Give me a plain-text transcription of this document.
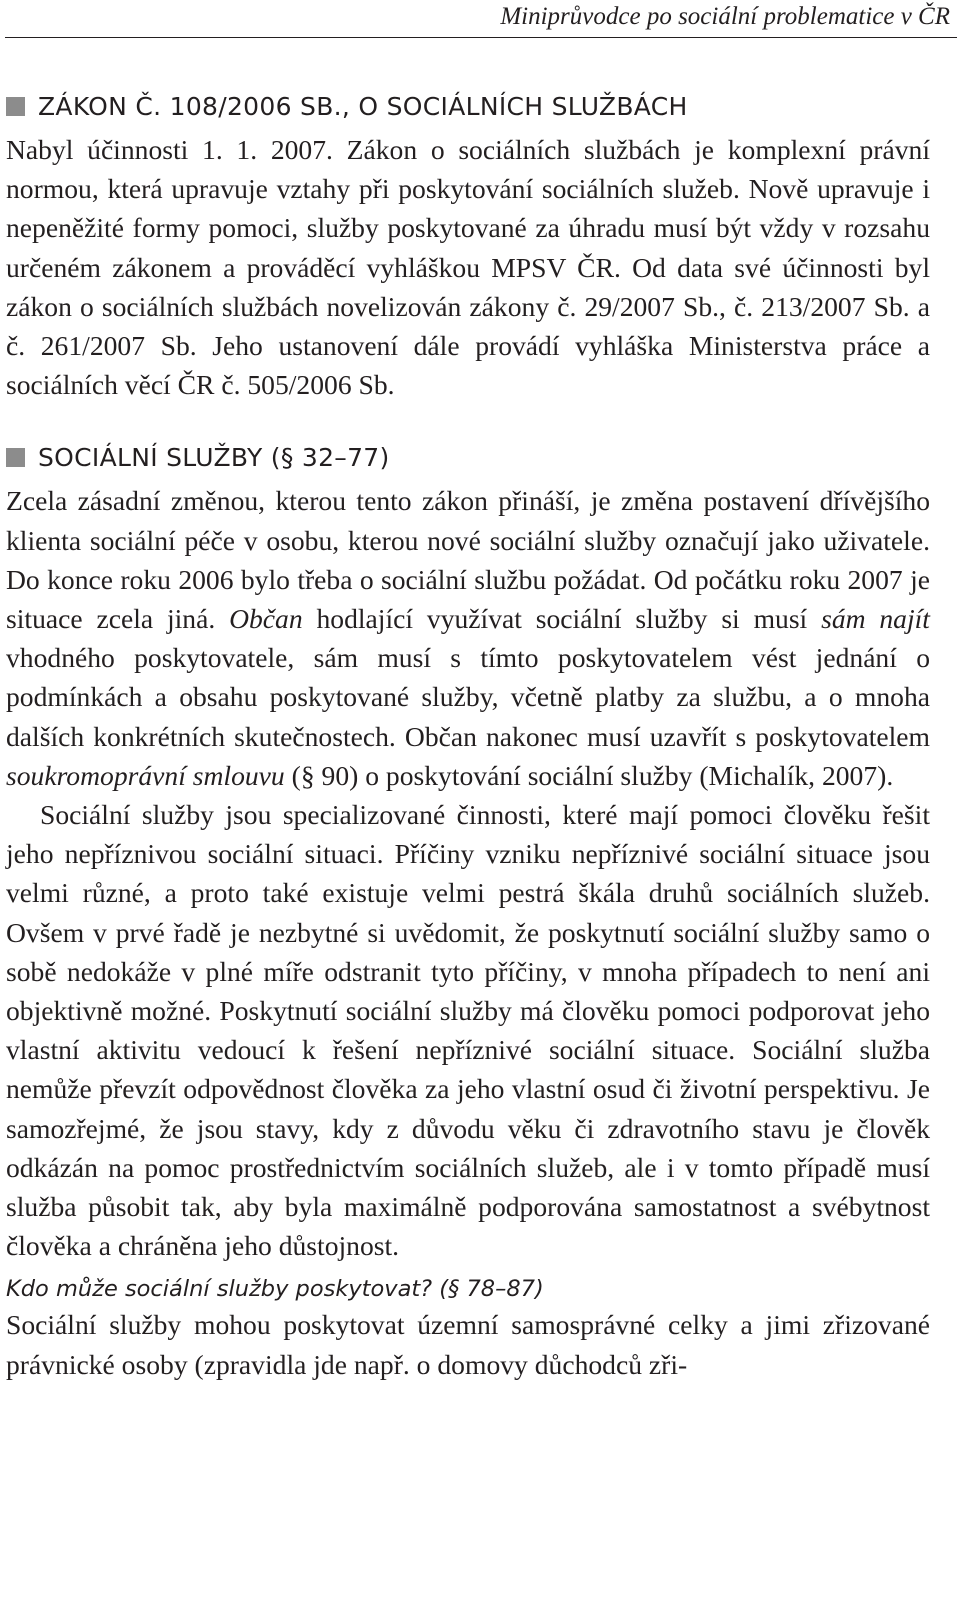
Miniprůvodce po sociální problematice v ČR
ZÁKON Č. 108/2006 SB., O SOCIÁLNÍCH SLUŽBÁCH

Nabyl účinnosti 1. 1. 2007. Zákon o sociálních službách je komplexní právní normou, která upravuje vztahy při poskytování sociálních služeb. Nově upravuje i nepeněžité formy pomoci, služby poskytované za úhradu musí být vždy v rozsahu určeném zákonem a prováděcí vyhláškou MPSV ČR. Od data své účinnosti byl zákon o sociálních službách novelizován zákony č. 29/2007 Sb., č. 213/2007 Sb. a č. 261/2007 Sb. Jeho ustanovení dále provádí vyhláška Ministerstva práce a sociálních věcí ČR č. 505/2006 Sb.

SOCIÁLNÍ SLUŽBY (§ 32–77)

Zcela zásadní změnou, kterou tento zákon přináší, je změna postavení dřívějšího klienta sociální péče v osobu, kterou nové sociální služby označují jako uživatele. Do konce roku 2006 bylo třeba o sociální službu požádat. Od počátku roku 2007 je situace zcela jiná. Občan hodlající využívat sociální služby si musí sám najít vhodného poskytovatele, sám musí s tímto poskytovatelem vést jednání o podmínkách a obsahu poskytované služby, včetně platby za službu, a o mnoha dalších konkrétních skutečnostech. Občan nakonec musí uzavřít s poskytovatelem soukromoprávní smlouvu (§ 90) o poskytování sociální služby (Michalík, 2007).

Sociální služby jsou specializované činnosti, které mají pomoci člověku řešit jeho nepříznivou sociální situaci. Příčiny vzniku nepříznivé sociální situace jsou velmi různé, a proto také existuje velmi pestrá škála druhů sociálních služeb. Ovšem v prvé řadě je nezbytné si uvědomit, že poskytnutí sociální služby samo o sobě nedokáže v plné míře odstranit tyto příčiny, v mnoha případech to není ani objektivně možné. Poskytnutí sociální služby má člověku pomoci podporovat jeho vlastní aktivitu vedoucí k řešení nepříznivé sociální situace. Sociální služba nemůže převzít odpovědnost člověka za jeho vlastní osud či životní perspektivu. Je samozřejmé, že jsou stavy, kdy z důvodu věku či zdravotního stavu je člověk odkázán na pomoc prostřednictvím sociálních služeb, ale i v tomto případě musí služba působit tak, aby byla maximálně podporována samostatnost a svébytnost člověka a chráněna jeho důstojnost.

Kdo může sociální služby poskytovat? (§ 78–87)

Sociální služby mohou poskytovat územní samosprávné celky a jimi zřizované právnické osoby (zpravidla jde např. o domovy důchodců zři-
